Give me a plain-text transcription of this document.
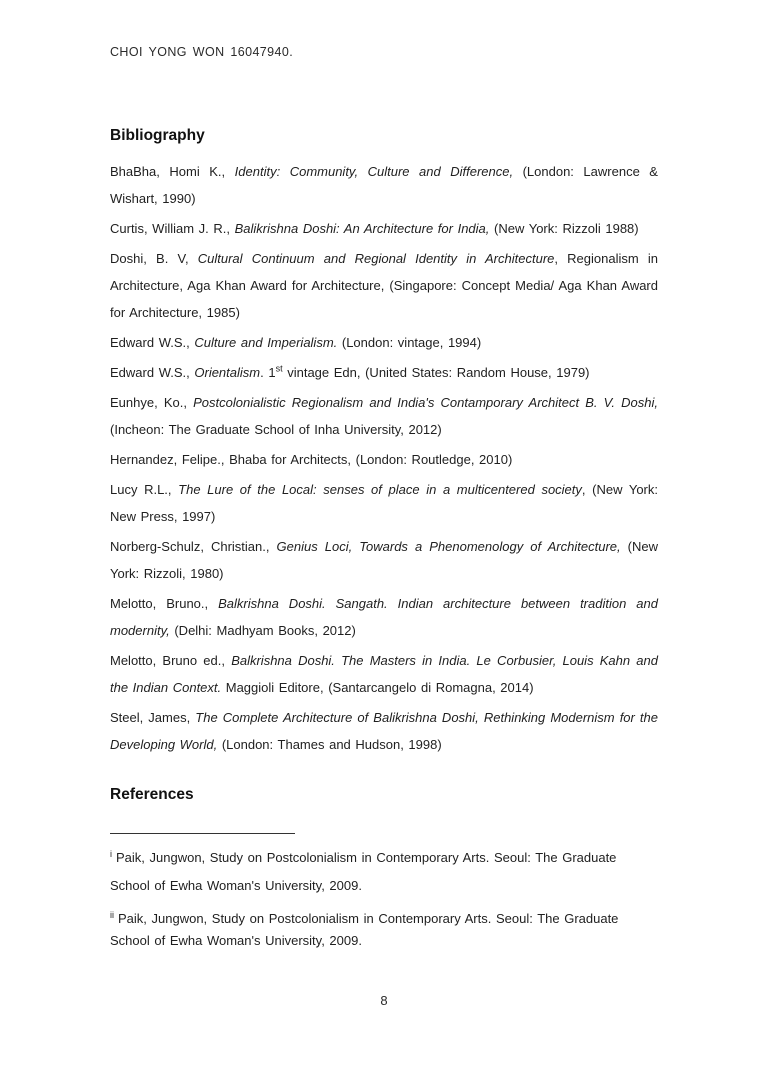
CHOI YONG WON 16047940.

Bibliography

BhaBha, Homi K., Identity: Community, Culture and Difference, (London: Lawrence & Wishart, 1990)

Curtis, William J. R., Balikrishna Doshi: An Architecture for India, (New York: Rizzoli 1988)

Doshi, B. V, Cultural Continuum and Regional Identity in Architecture, Regionalism in Architecture, Aga Khan Award for Architecture, (Singapore: Concept Media/ Aga Khan Award for Architecture, 1985)

Edward W.S., Culture and Imperialism. (London: vintage, 1994)

Edward W.S., Orientalism. 1st vintage Edn, (United States: Random House, 1979)

Eunhye, Ko., Postcolonialistic Regionalism and India's Contamporary Architect B. V. Doshi, (Incheon: The Graduate School of Inha University, 2012)

Hernandez, Felipe., Bhaba for Architects, (London: Routledge, 2010)

Lucy R.L., The Lure of the Local: senses of place in a multicentered society, (New York: New Press, 1997)

Norberg-Schulz, Christian., Genius Loci, Towards a Phenomenology of Architecture, (New York: Rizzoli, 1980)

Melotto, Bruno., Balkrishna Doshi. Sangath. Indian architecture between tradition and modernity, (Delhi: Madhyam Books, 2012)

Melotto, Bruno ed., Balkrishna Doshi. The Masters in India. Le Corbusier, Louis Kahn and the Indian Context. Maggioli Editore, (Santarcangelo di Romagna, 2014)

Steel, James, The Complete Architecture of Balikrishna Doshi, Rethinking Modernism for the Developing World, (London: Thames and Hudson, 1998)

References

$^i$ Paik, Jungwon, Study on Postcolonialism in Contemporary Arts. Seoul: The Graduate School of Ewha Woman's University, 2009.

$^{ii}$ Paik, Jungwon, Study on Postcolonialism in Contemporary Arts. Seoul: The Graduate School of Ewha Woman's University, 2009.

8
